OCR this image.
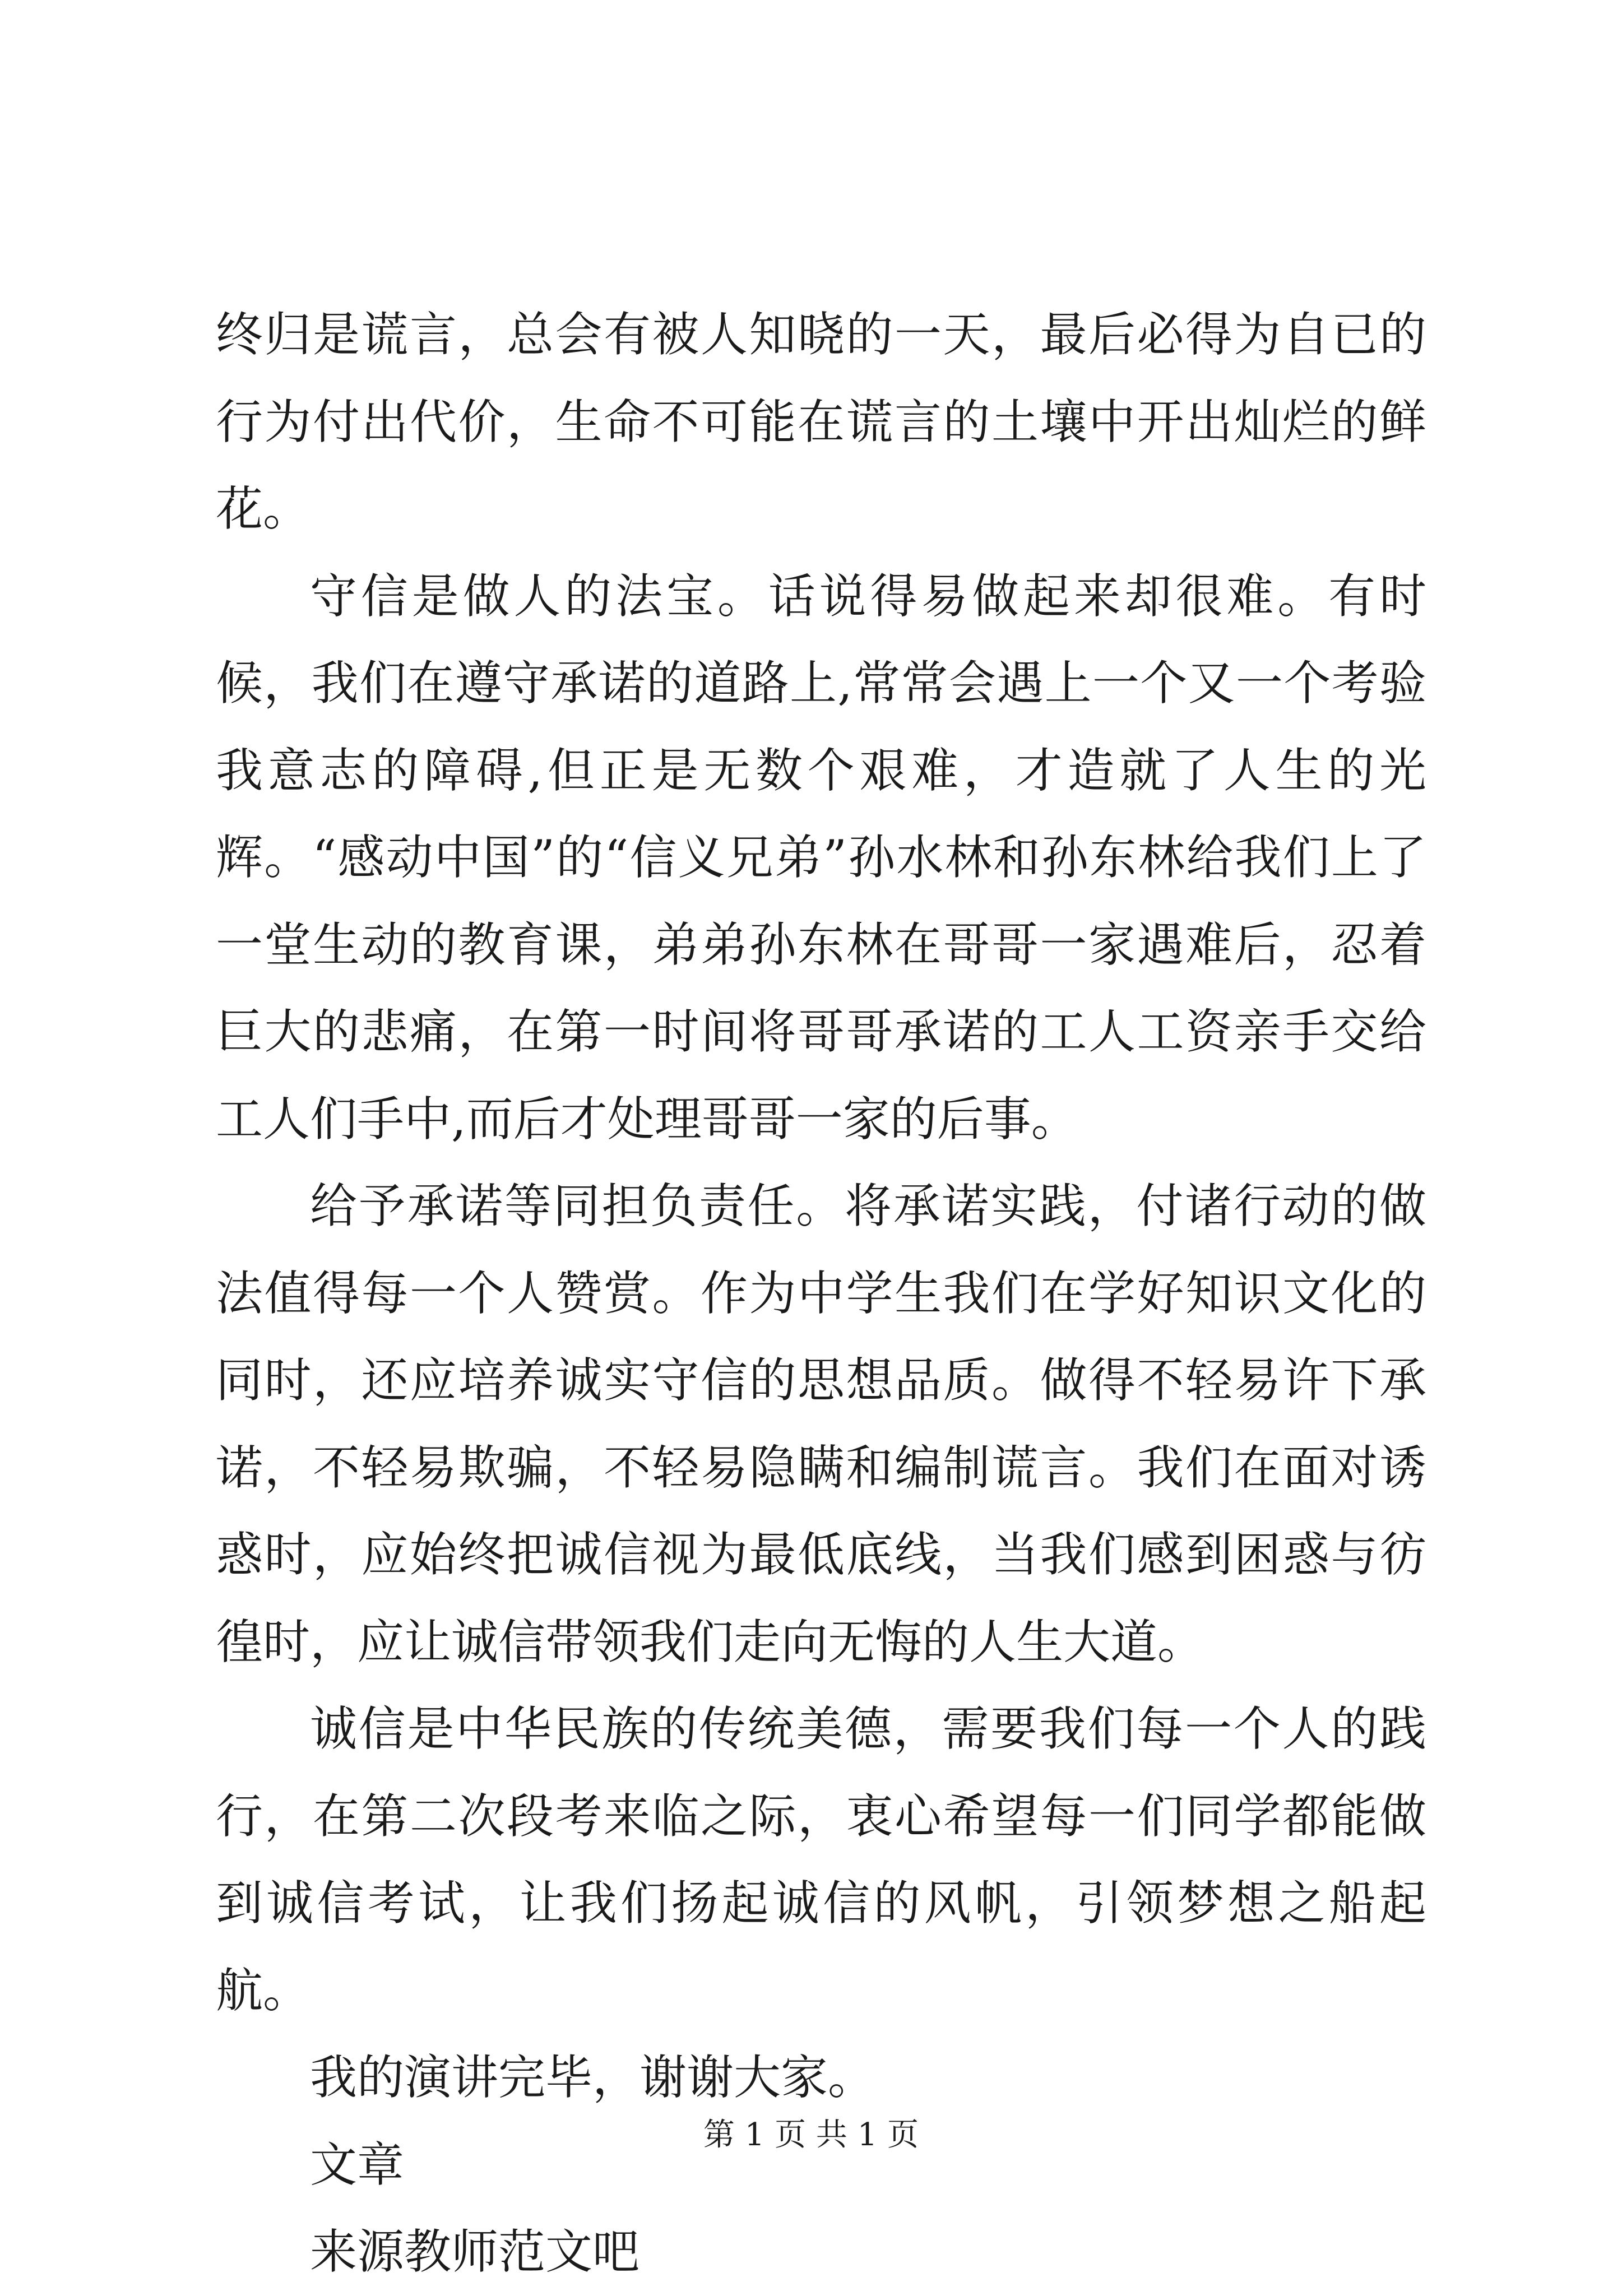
终归是谎言，总会有被人知晓的一天，最后必得为自已的行为付出代价，生命不可能在谎言的土壤中开出灿烂的鲜花。

守信是做人的法宝。话说得易做起来却很难。有时候，我们在遵守承诺的道路上,常常会遇上一个又一个考验我意志的障碍,但正是无数个艰难，才造就了人生的光辉。“感动中国”的“信义兄弟”孙水林和孙东林给我们上了一堂生动的教育课，弟弟孙东林在哥哥一家遇难后，忍着巨大的悲痛，在第一时间将哥哥承诺的工人工资亲手交给工人们手中,而后才处理哥哥一家的后事。

给予承诺等同担负责任。将承诺实践，付诸行动的做法值得每一个人赞赏。作为中学生我们在学好知识文化的同时，还应培养诚实守信的思想品质。做得不轻易许下承诺，不轻易欺骗，不轻易隐瞒和编制谎言。我们在面对诱惑时，应始终把诚信视为最低底线，当我们感到困惑与彷徨时，应让诚信带领我们走向无悔的人生大道。

诚信是中华民族的传统美德，需要我们每一个人的践行，在第二次段考来临之际，衷心希望每一们同学都能做到诚信考试，让我们扬起诚信的风帆，引领梦想之船起航。

我的演讲完毕，谢谢大家。

文章

来源教师范文吧

第 1 页 共 1 页
